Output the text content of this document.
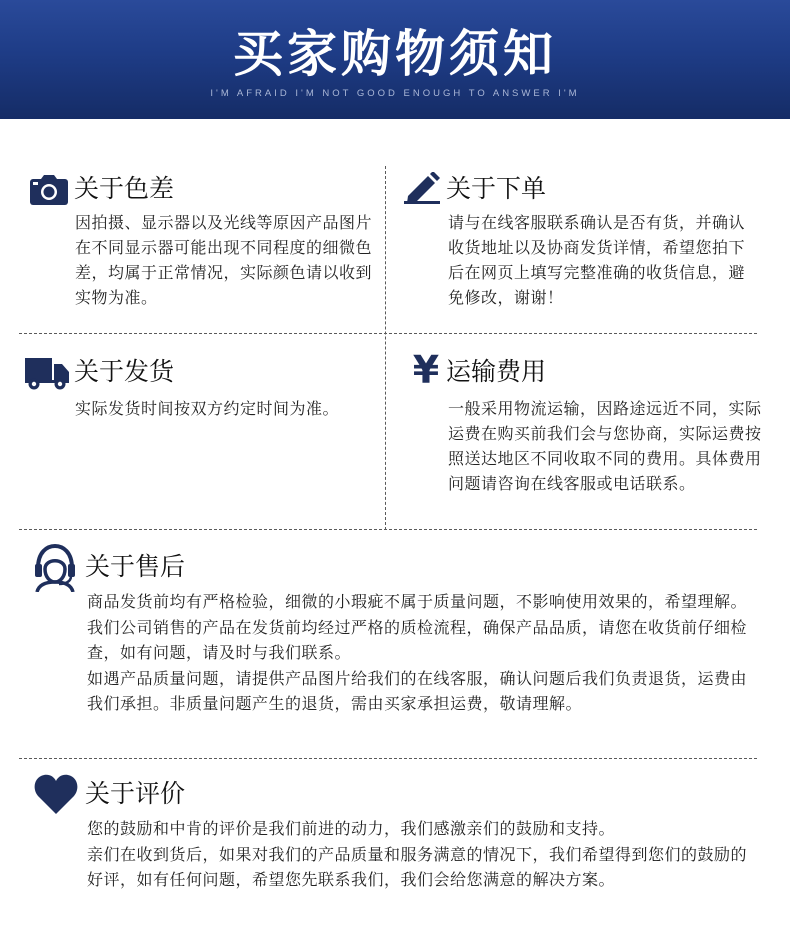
买家购物须知
I'M AFRAID I'M NOT GOOD ENOUGH TO ANSWER I'M
关于色差
因拍摄、显示器以及光线等原因产品图片在不同显示器可能出现不同程度的细微色差，均属于正常情况，实际颜色请以收到实物为准。
关于下单
请与在线客服联系确认是否有货，并确认收货地址以及协商发货详情，希望您拍下后在网页上填写完整准确的收货信息，避免修改，谢谢！
关于发货
实际发货时间按双方约定时间为准。
¥ 运输费用
一般采用物流运输，因路途远近不同，实际运费在购买前我们会与您协商，实际运费按照送达地区不同收取不同的费用。具体费用问题请咨询在线客服或电话联系。
关于售后

商品发货前均有严格检验，细微的小瑕疵不属于质量问题，不影响使用效果的，希望理解。

我们公司销售的产品在发货前均经过严格的质检流程，确保产品品质，请您在收货前仔细检查，如有问题，请及时与我们联系。

如遇产品质量问题，请提供产品图片给我们的在线客服，确认问题后我们负责退货，运费由我们承担。非质量问题产生的退货，需由买家承担运费，敬请理解。

关于评价

您的鼓励和中肯的评价是我们前进的动力，我们感激亲们的鼓励和支持。

亲们在收到货后，如果对我们的产品质量和服务满意的情况下，我们希望得到您们的鼓励的好评，如有任何问题，希望您先联系我们，我们会给您满意的解决方案。
